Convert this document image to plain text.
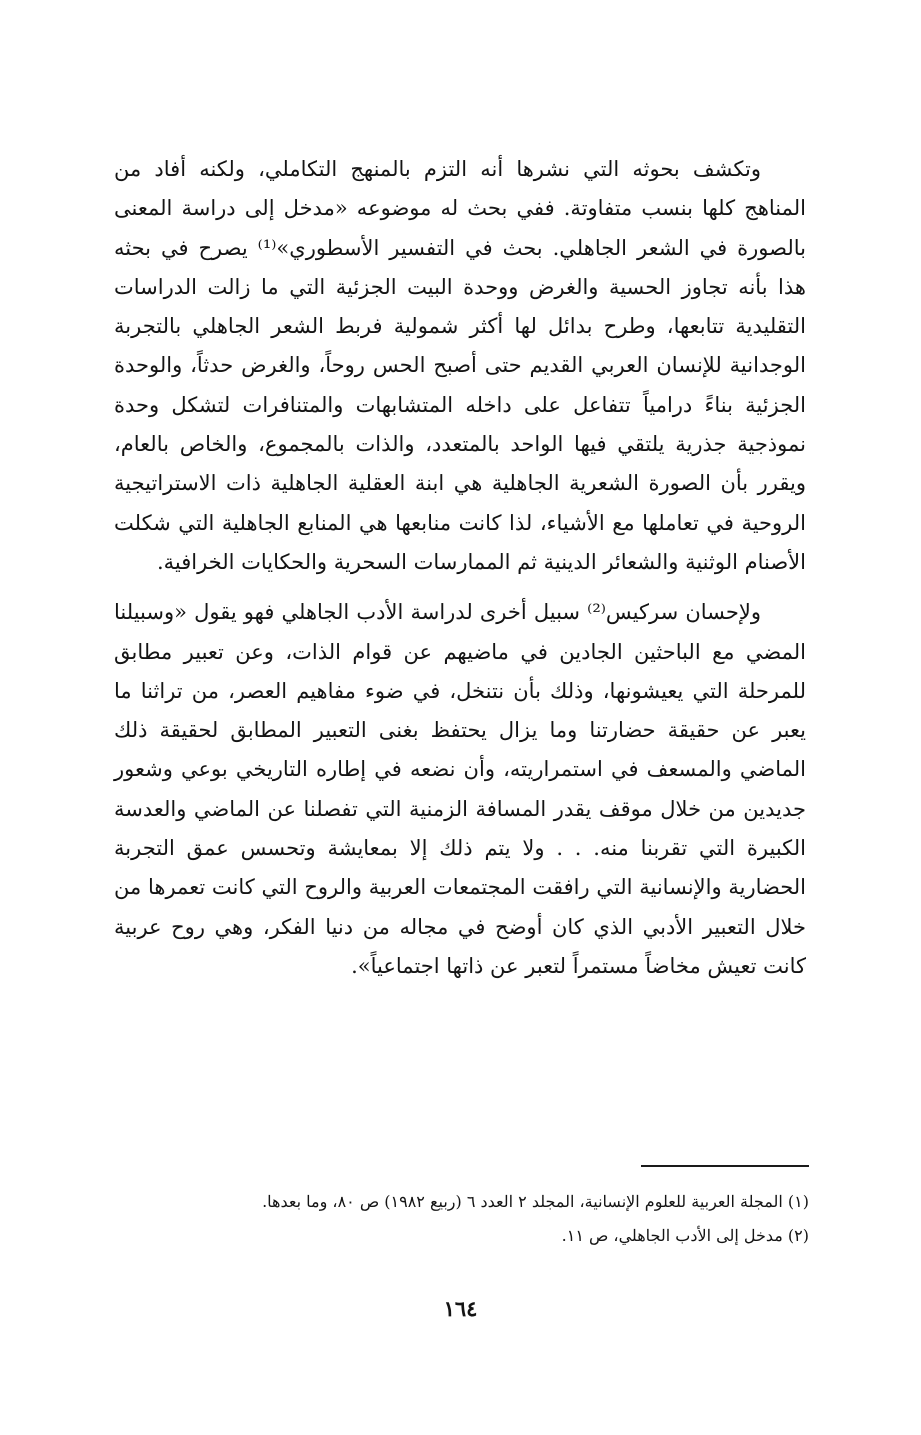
وتكشف بحوثه التي نشرها أنه التزم بالمنهج التكاملي، ولكنه أفاد من المناهج كلها بنسب متفاوتة. ففي بحث له موضوعه «مدخل إلى دراسة المعنى بالصورة في الشعر الجاهلي. بحث في التفسير الأسطوري»⁽¹⁾ يصرح في بحثه هذا بأنه تجاوز الحسية والغرض ووحدة البيت الجزئية التي ما زالت الدراسات التقليدية تتابعها، وطرح بدائل لها أكثر شمولية فربط الشعر الجاهلي بالتجربة الوجدانية للإنسان العربي القديم حتى أصبح الحس روحاً، والغرض حدثاً، والوحدة الجزئية بناءً درامياً تتفاعل على داخله المتشابهات والمتنافرات لتشكل وحدة نموذجية جذرية يلتقي فيها الواحد بالمتعدد، والذات بالمجموع، والخاص بالعام، ويقرر بأن الصورة الشعرية الجاهلية هي ابنة العقلية الجاهلية ذات الاستراتيجية الروحية في تعاملها مع الأشياء، لذا كانت منابعها هي المنابع الجاهلية التي شكلت الأصنام الوثنية والشعائر الدينية ثم الممارسات السحرية والحكايات الخرافية.

ولإحسان سركيس⁽²⁾ سبيل أخرى لدراسة الأدب الجاهلي فهو يقول «وسبيلنا المضي مع الباحثين الجادين في ماضيهم عن قوام الذات، وعن تعبير مطابق للمرحلة التي يعيشونها، وذلك بأن نتنخل، في ضوء مفاهيم العصر، من تراثنا ما يعبر عن حقيقة حضارتنا وما يزال يحتفظ بغنى التعبير المطابق لحقيقة ذلك الماضي والمسعف في استمراريته، وأن نضعه في إطاره التاريخي بوعي وشعور جديدين من خلال موقف يقدر المسافة الزمنية التي تفصلنا عن الماضي والعدسة الكبيرة التي تقربنا منه. . . ولا يتم ذلك إلا بمعايشة وتحسس عمق التجربة الحضارية والإنسانية التي رافقت المجتمعات العربية والروح التي كانت تعمرها من خلال التعبير الأدبي الذي كان أوضح في مجاله من دنيا الفكر، وهي روح عربية كانت تعيش مخاضاً مستمراً لتعبر عن ذاتها اجتماعياً».

(١) المجلة العربية للعلوم الإنسانية، المجلد ٢ العدد ٦ (ربيع ١٩٨٢) ص ٨٠، وما بعدها.

(٢) مدخل إلى الأدب الجاهلي، ص ١١.

١٦٤
